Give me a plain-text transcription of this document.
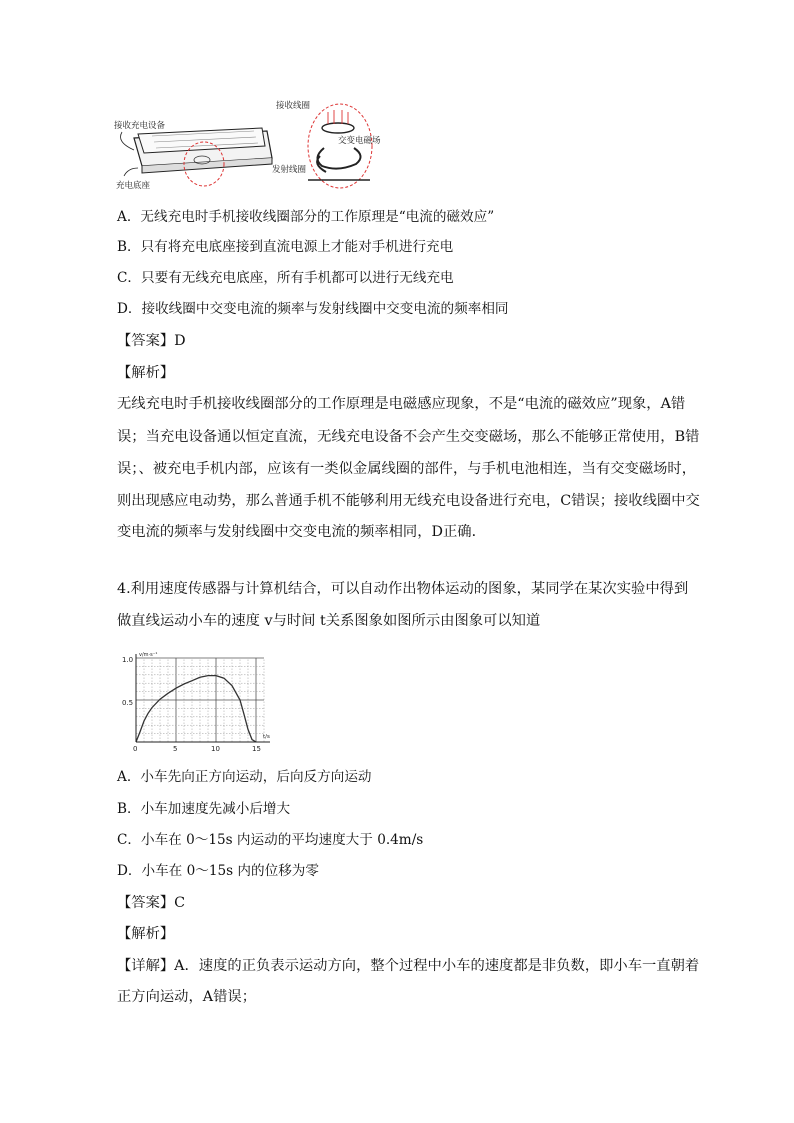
接收充电设备
充电底座
接收线圈
交变电磁场
发射线圈
A．无线充电时手机接收线圈部分的工作原理是“电流的磁效应”
B．只有将充电底座接到直流电源上才能对手机进行充电
C．只要有无线充电底座，所有手机都可以进行无线充电
D．接收线圈中交变电流的频率与发射线圈中交变电流的频率相同
【答案】D
【解析】
无线充电时手机接收线圈部分的工作原理是电磁感应现象，不是“电流的磁效应”现象，A错
误；当充电设备通以恒定直流，无线充电设备不会产生交变磁场，那么不能够正常使用，B错
误；、被充电手机内部，应该有一类似金属线圈的部件，与手机电池相连，当有交变磁场时，
则出现感应电动势，那么普通手机不能够利用无线充电设备进行充电，C错误；接收线圈中交
变电流的频率与发射线圈中交变电流的频率相同，D正确．
4.利用速度传感器与计算机结合，可以自动作出物体运动的图象，某同学在某次实验中得到
做直线运动小车的速度 v与时间 t关系图象如图所示由图象可以知道
v/m·s⁻¹
t/s
1.0
0.5
0	5	10	15
A．小车先向正方向运动，后向反方向运动
B．小车加速度先减小后增大
C．小车在 0～15s 内运动的平均速度大于 0.4m/s
D．小车在 0～15s 内的位移为零
【答案】C
【解析】
【详解】A．速度的正负表示运动方向，整个过程中小车的速度都是非负数，即小车一直朝着
正方向运动，A错误；
